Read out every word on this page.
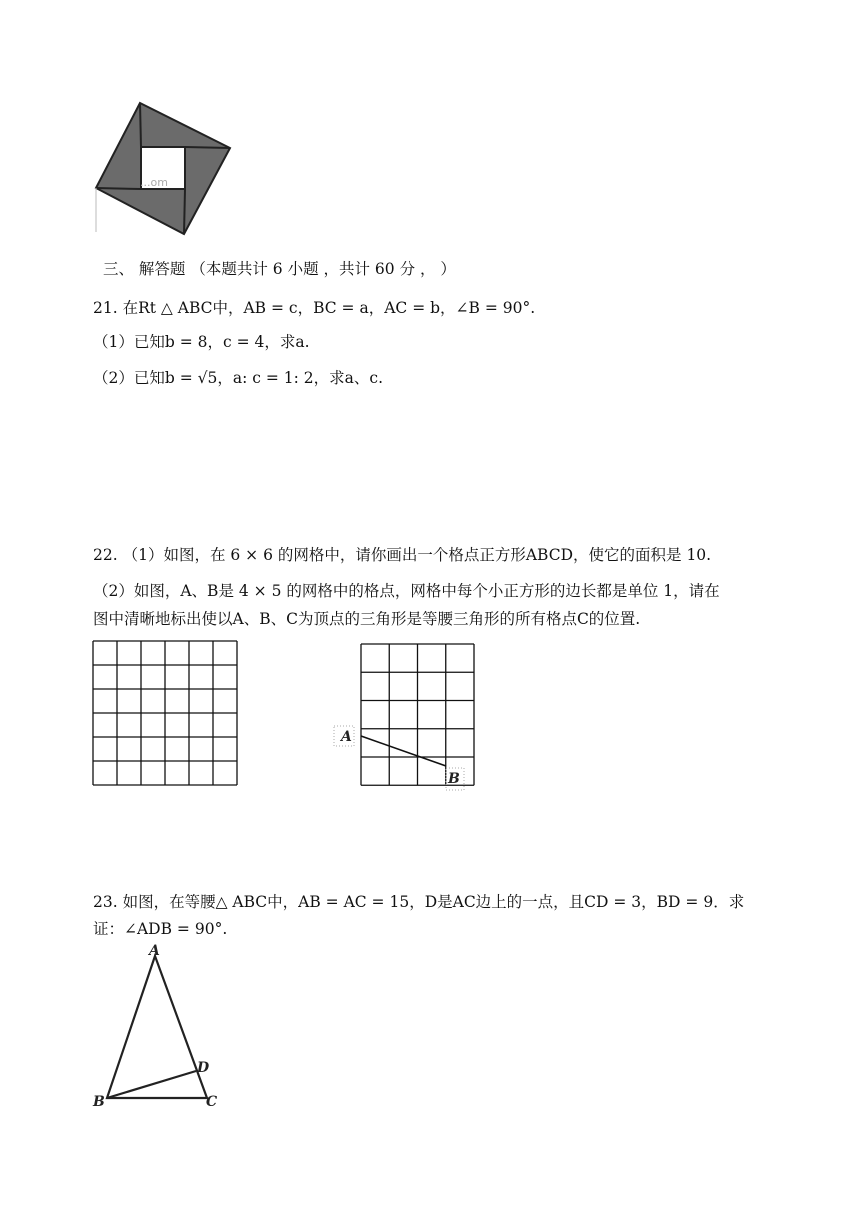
...om
三、 解答题 （本题共计 6 小题 ，共计 60 分 ， ）
21. 在Rt △ ABC中，AB = c，BC = a，AC = b，∠B = 90°.
（1）已知b = 8，c = 4，求a.
（2）已知b = √5，a: c = 1: 2，求a、c.
22. （1）如图，在 6 × 6 的网格中，请你画出一个格点正方形ABCD，使它的面积是 10.
（2）如图，A、B是 4 × 5 的网格中的格点，网格中每个小正方形的边长都是单位 1，请在
图中清晰地标出使以A、B、C为顶点的三角形是等腰三角形的所有格点C的位置.
A
B
23. 如图，在等腰△ ABC中，AB = AC = 15，D是AC边上的一点，且CD = 3，BD = 9．求
证：∠ADB = 90°.
A
B	C
D
